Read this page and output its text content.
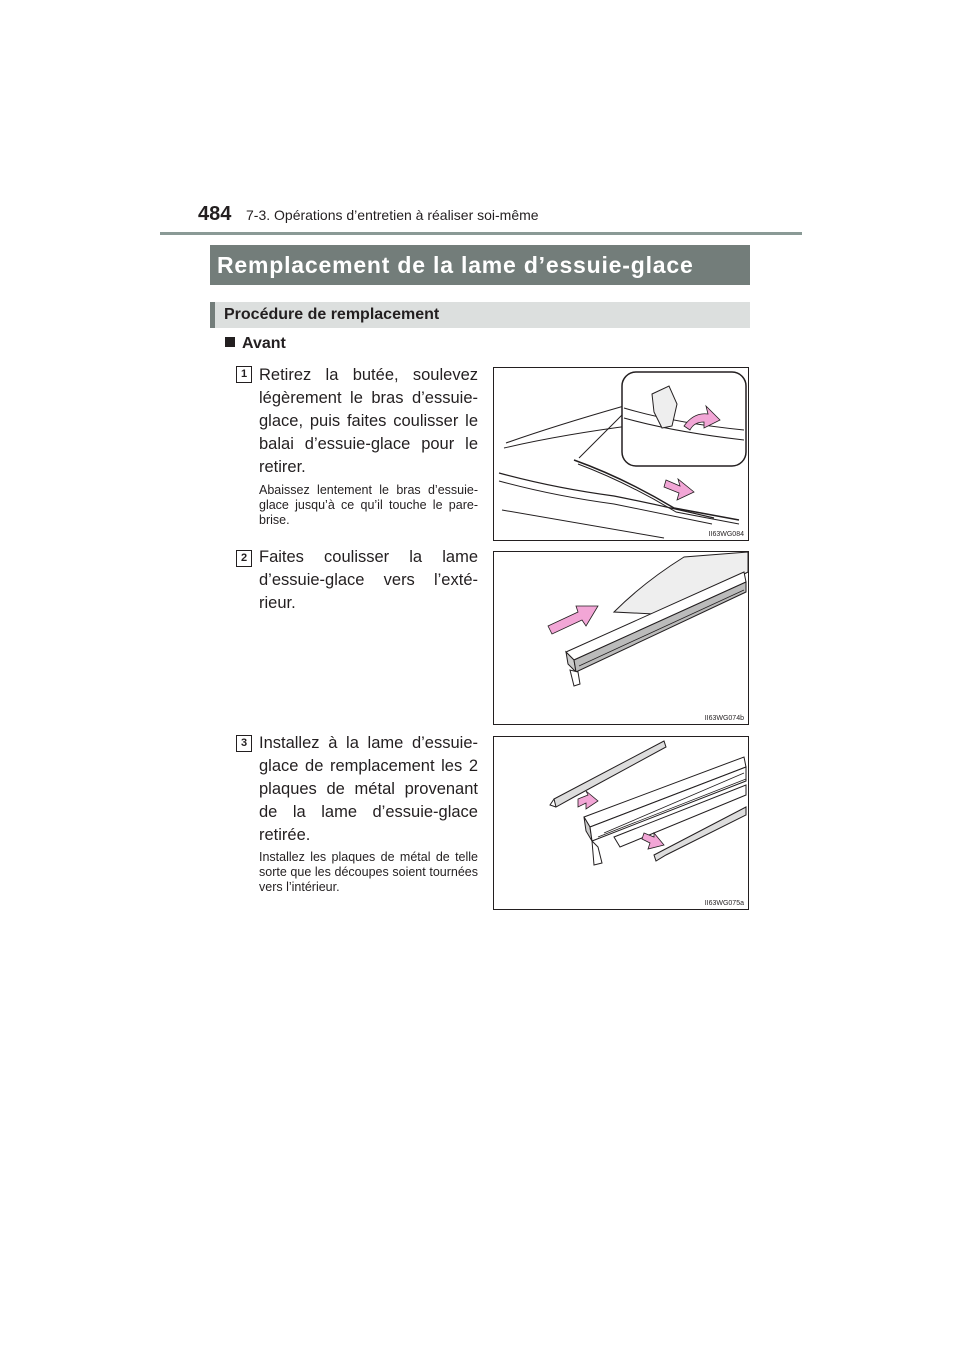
484 7-3. Opérations d’entretien à réaliser soi-même
Remplacement de la lame d’essuie-glace
Procédure de remplacement
Avant
1 Retirez la butée, soulevez légèrement le bras d’essuie-glace, puis faites coulisser le balai d’essuie-glace pour le retirer.
Abaissez lentement le bras d’essuie-glace jusqu’à ce qu’il touche le pare-brise.
II63WG084
2 Faites coulisser la lame d’essuie-glace vers l’exté-rieur.
II63WG074b
3 Installez à la lame d’essuie-glace de remplacement les 2 plaques de métal provenant de la lame d’essuie-glace retirée.
Installez les plaques de métal de telle sorte que les découpes soient tournées vers l’intérieur.
II63WG075a
